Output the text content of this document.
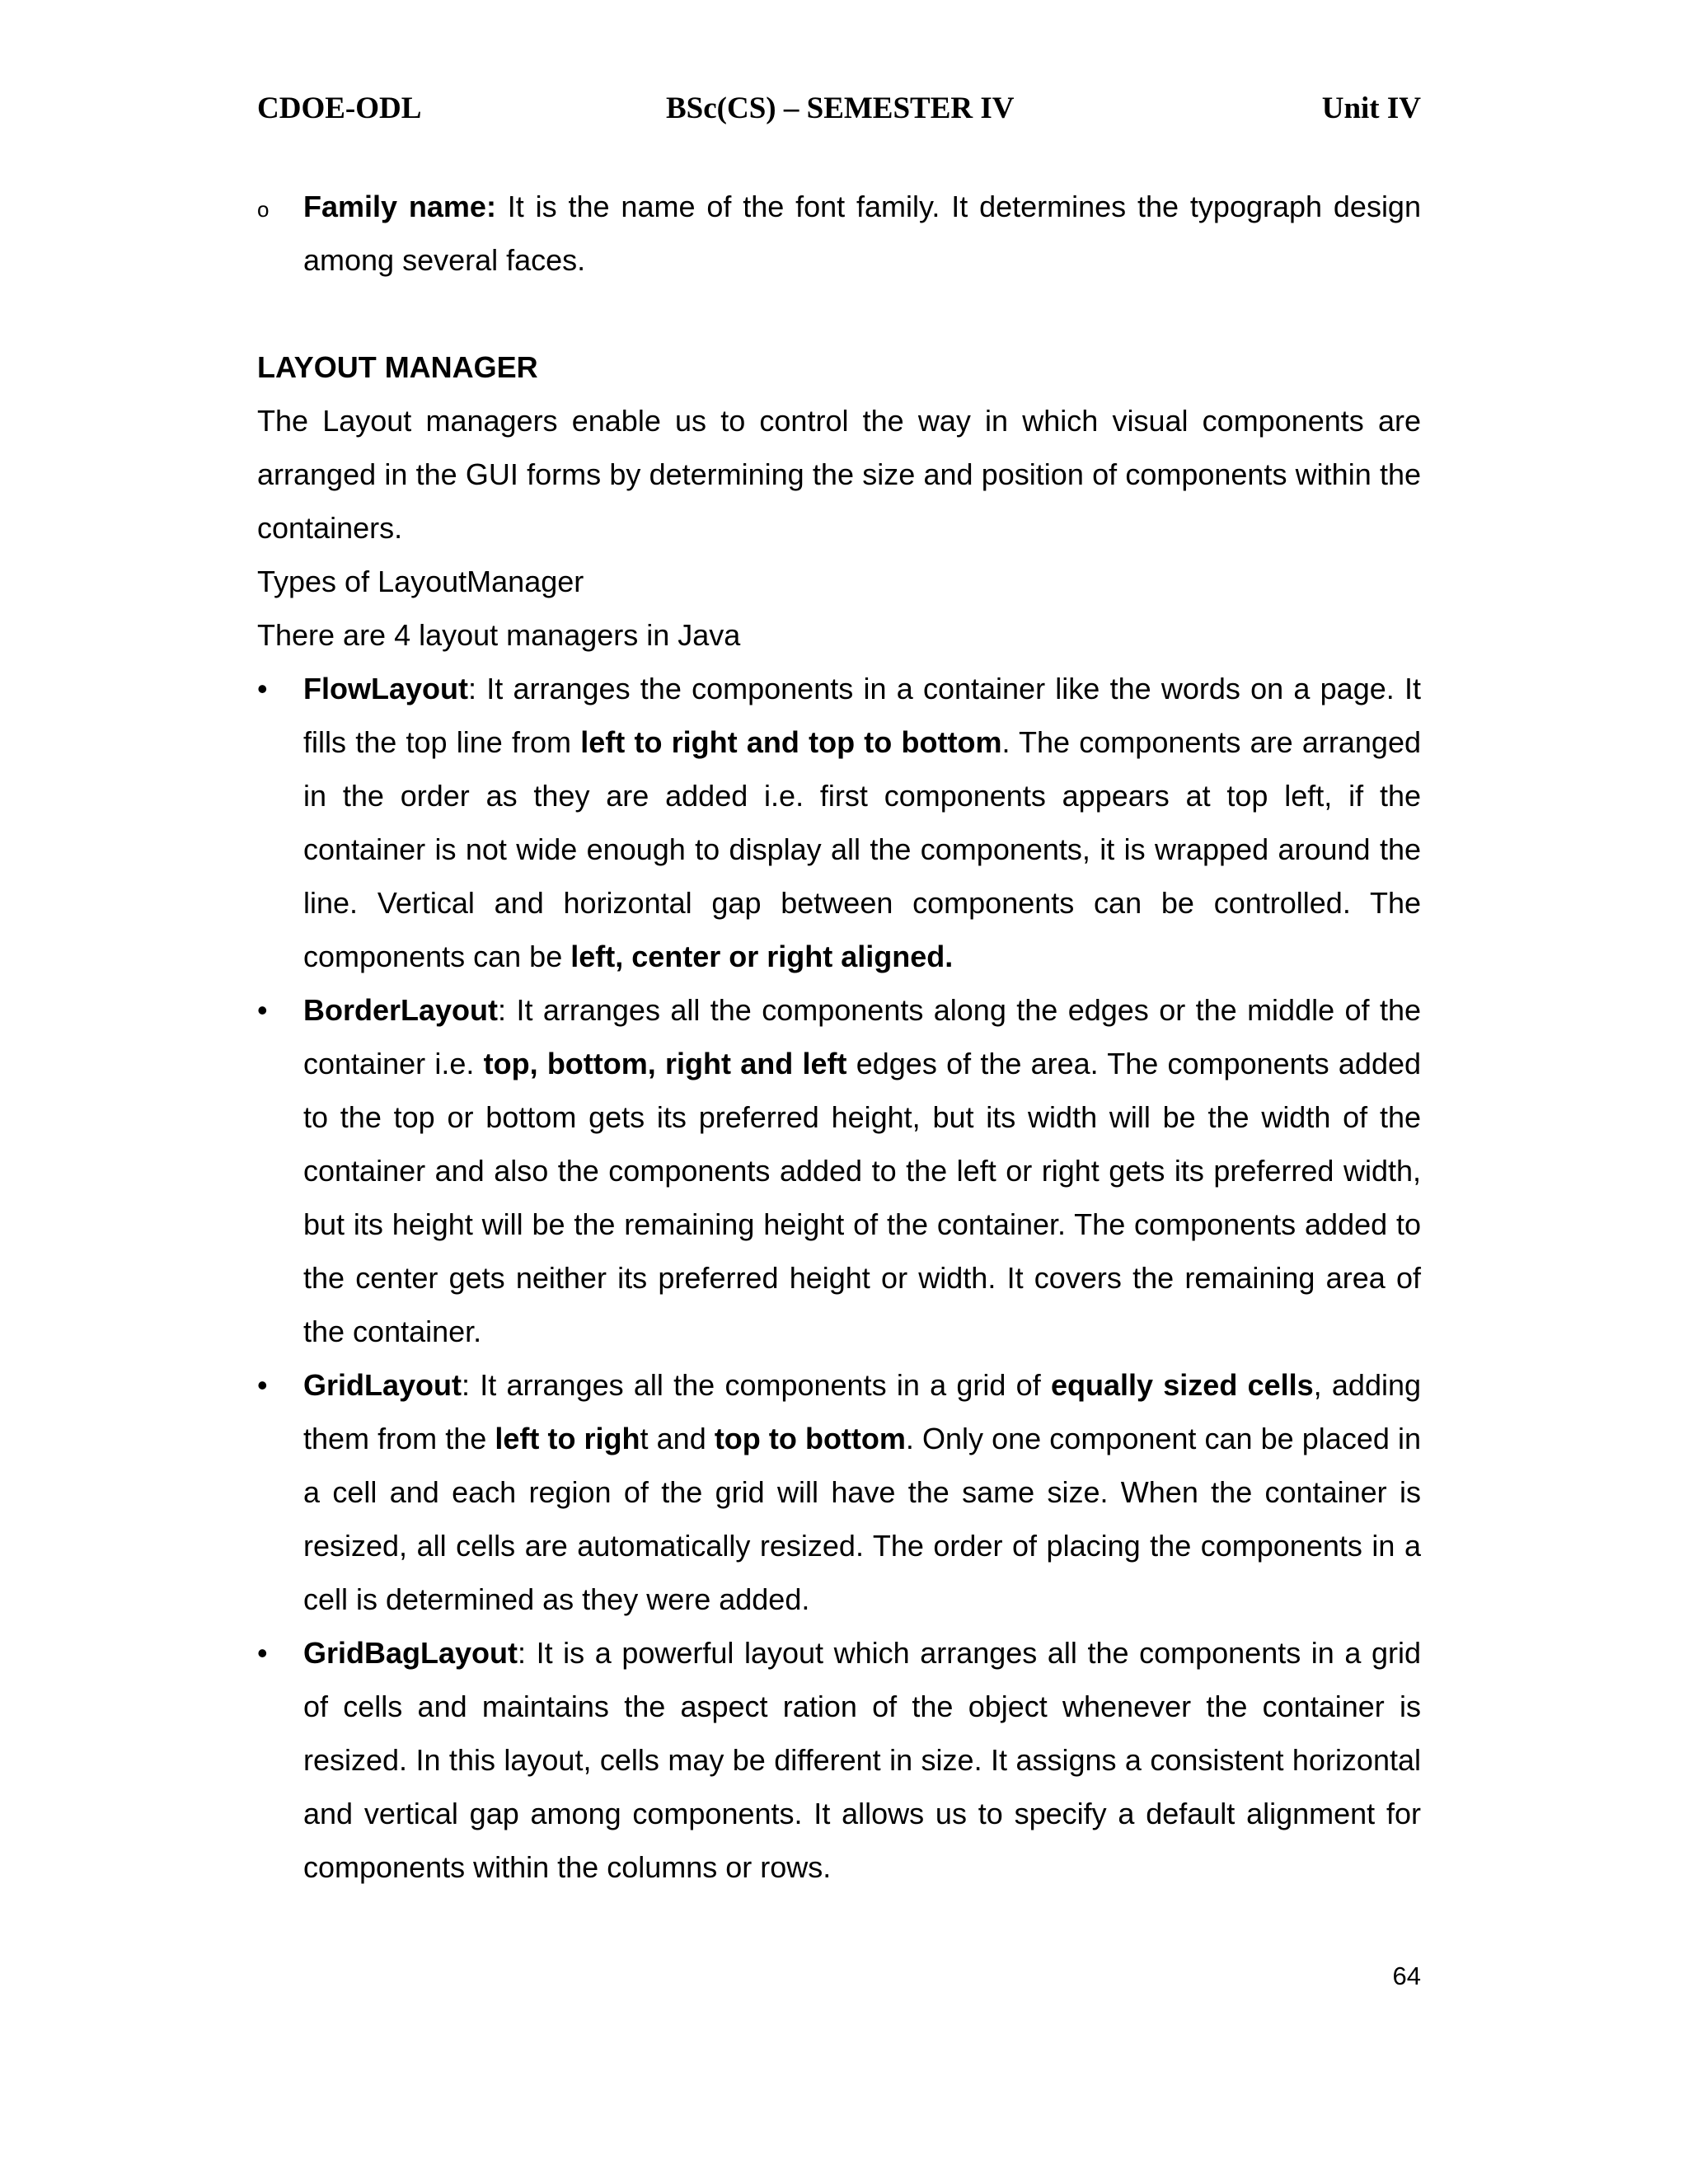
CDOE-ODL	BSc(CS) – SEMESTER IV	Unit IV
o	Family name: It is the name of the font family. It determines the typograph design among several faces.
LAYOUT MANAGER

The Layout managers enable us to control the way in which visual components are arranged in the GUI forms by determining the size and position of components within the containers.

Types of LayoutManager
There are 4 layout managers in Java
•	FlowLayout: It arranges the components in a container like the words on a page. It fills the top line from left to right and top to bottom. The components are arranged in the order as they are added i.e. first components appears at top left, if the container is not wide enough to display all the components, it is wrapped around the line. Vertical and horizontal gap between components can be controlled. The components can be left, center or right aligned.
•	BorderLayout: It arranges all the components along the edges or the middle of the container i.e. top, bottom, right and left edges of the area. The components added to the top or bottom gets its preferred height, but its width will be the width of the container and also the components added to the left or right gets its preferred width, but its height will be the remaining height of the container. The components added to the center gets neither its preferred height or width. It covers the remaining area of the container.
•	GridLayout: It arranges all the components in a grid of equally sized cells, adding them from the left to right and top to bottom. Only one component can be placed in a cell and each region of the grid will have the same size. When the container is resized, all cells are automatically resized. The order of placing the components in a cell is determined as they were added.
•	GridBagLayout: It is a powerful layout which arranges all the components in a grid of cells and maintains the aspect ration of the object whenever the container is resized. In this layout, cells may be different in size. It assigns a consistent horizontal and vertical gap among components. It allows us to specify a default alignment for components within the columns or rows.
64
